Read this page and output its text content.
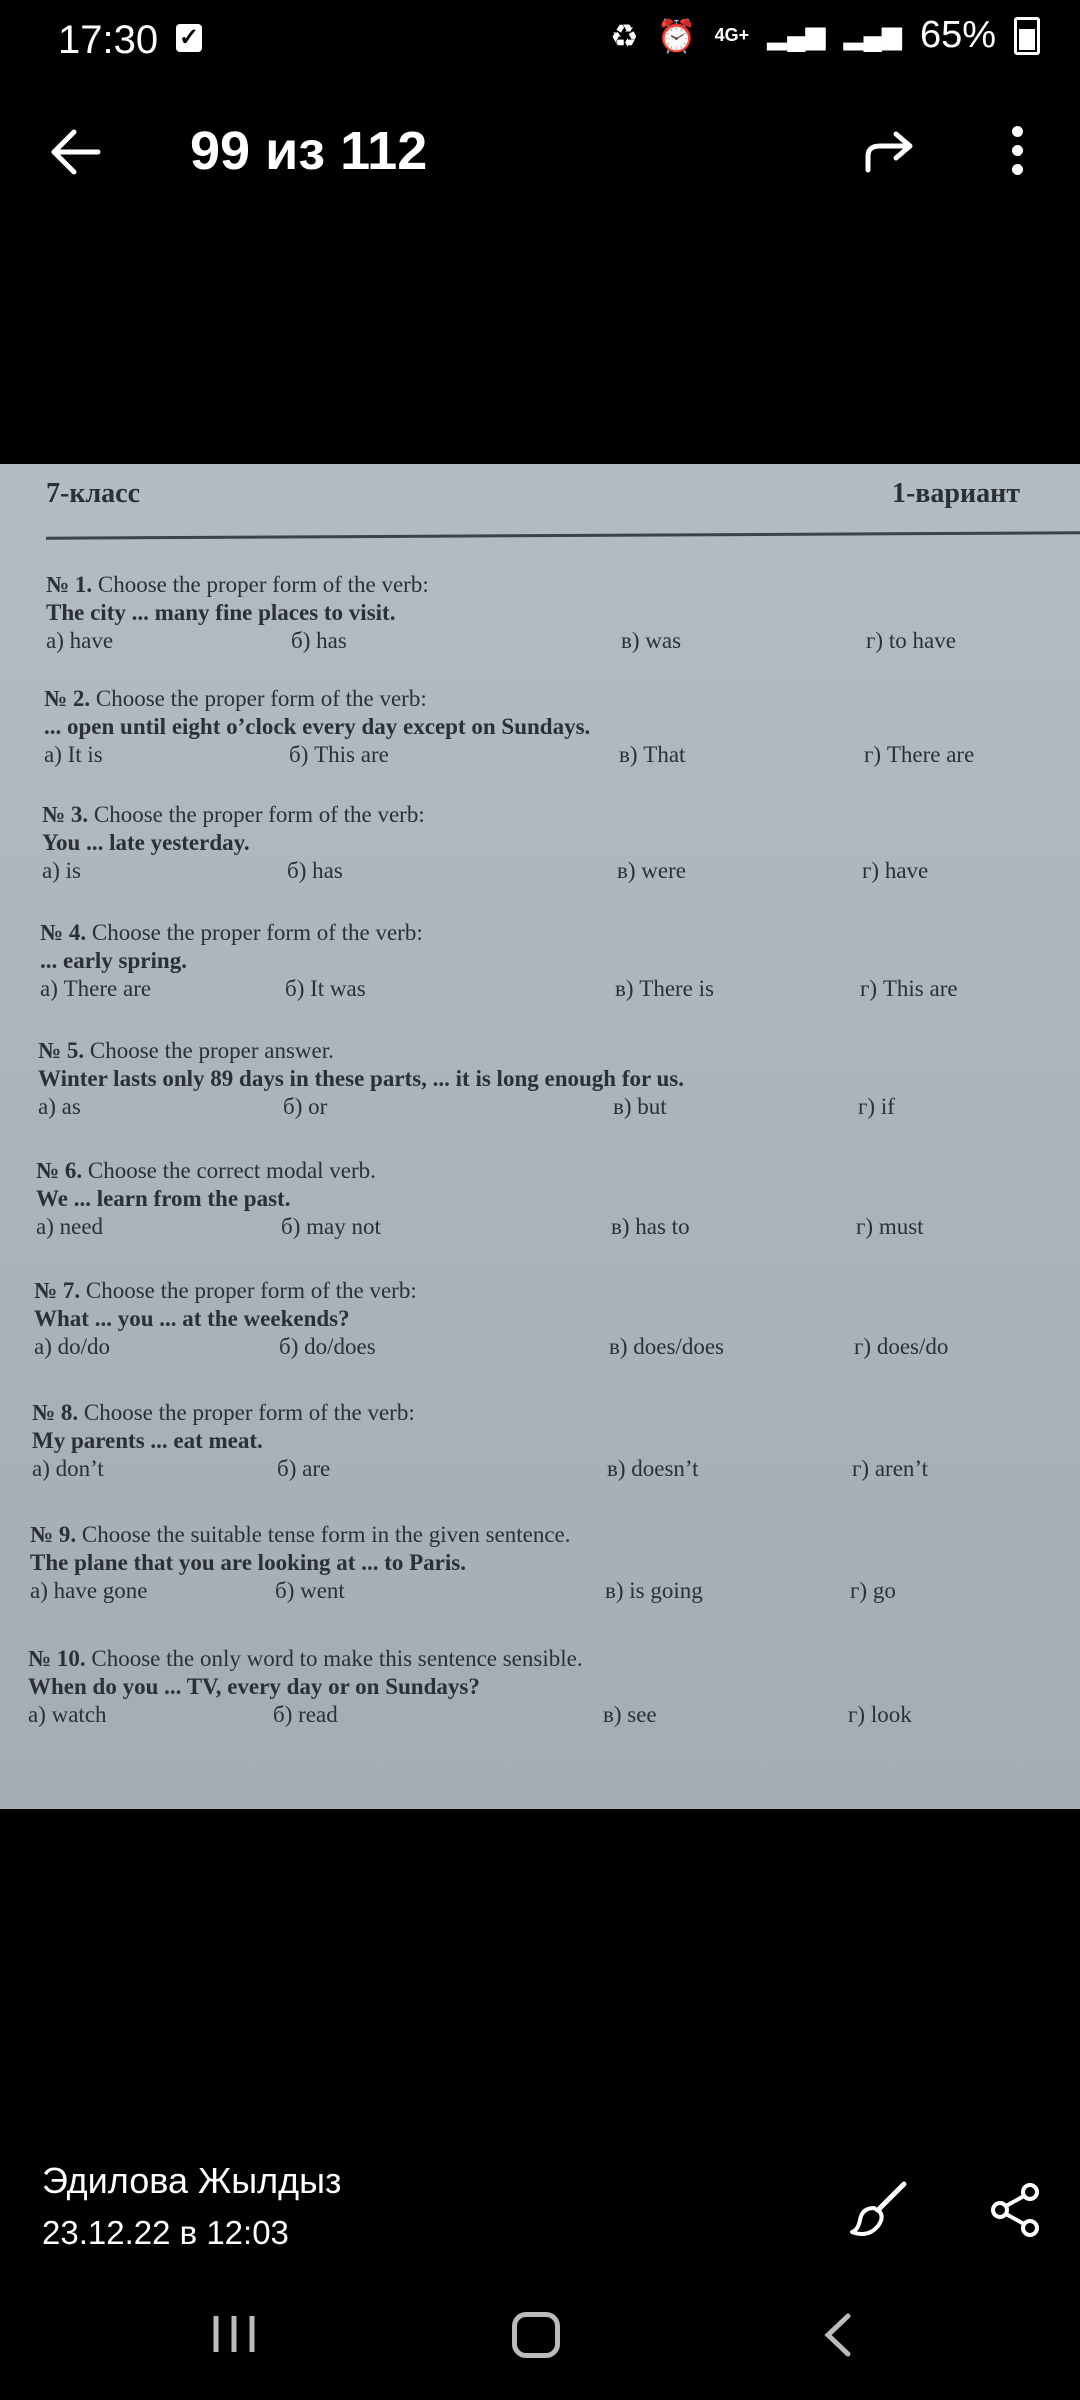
17:30 ✓	♻ ⏰ 4G+ ▂▄▆ ▂▄▆ 65%
99 из 112
7-класс	1-вариант
№ 1. Choose the proper form of the verb:
The city ... many fine places to visit.
а) have	б) has	в) was	г) to have
№ 2. Choose the proper form of the verb:
... open until eight o’clock every day except on Sundays.
а) It is	б) This are	в) That	г) There are
№ 3. Choose the proper form of the verb:
You ... late yesterday.
а) is	б) has	в) were	г) have
№ 4. Choose the proper form of the verb:
... early spring.
а) There are	б) It was	в) There is	г) This are
№ 5. Choose the proper answer.
Winter lasts only 89 days in these parts, ... it is long enough for us.
а) as	б) or	в) but	г) if
№ 6. Choose the correct modal verb.
We ... learn from the past.
а) need	б) may not	в) has to	г) must
№ 7. Choose the proper form of the verb:
What ... you ... at the weekends?
а) do/do	б) do/does	в) does/does	г) does/do
№ 8. Choose the proper form of the verb:
My parents ... eat meat.
а) don’t	б) are	в) doesn’t	г) aren’t
№ 9. Choose the suitable tense form in the given sentence.
The plane that you are looking at ... to Paris.
а) have gone	б) went	в) is going	г) go
№ 10. Choose the only word to make this sentence sensible.
When do you ... TV, every day or on Sundays?
а) watch	б) read	в) see	г) look
Эдилова Жылдыз
23.12.22 в 12:03
